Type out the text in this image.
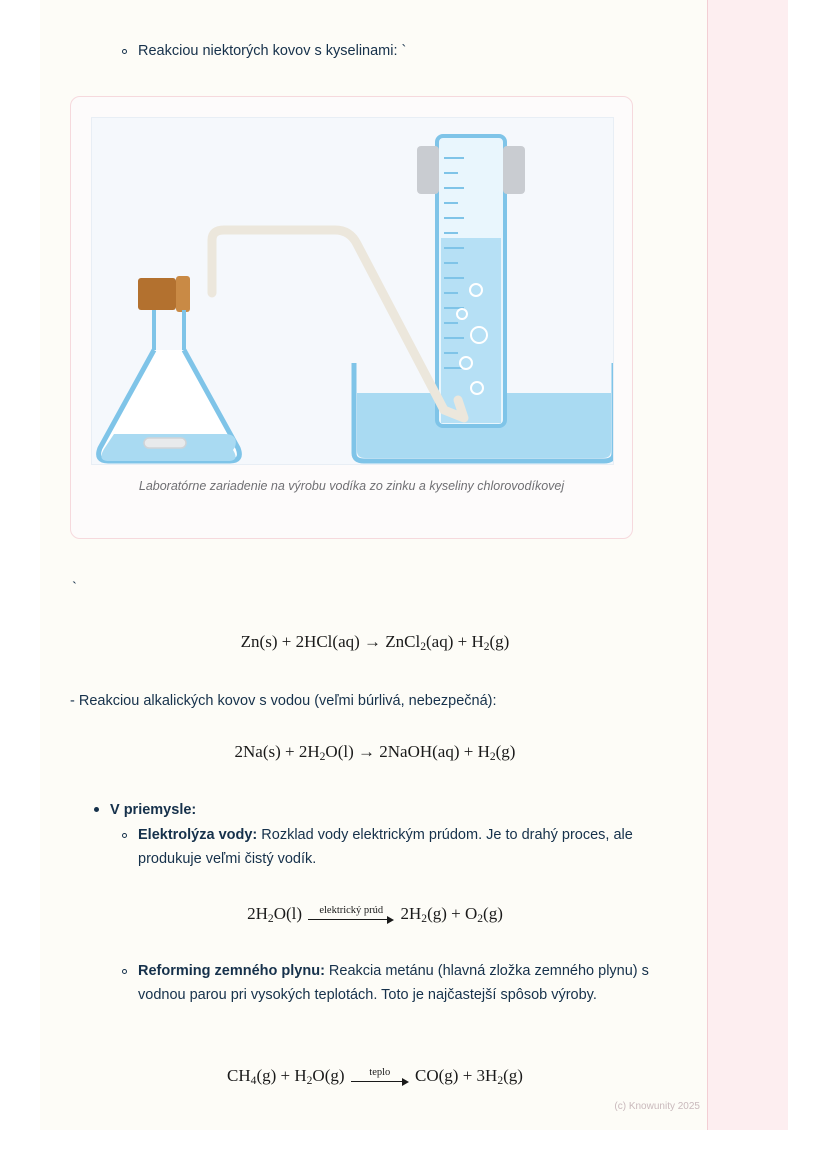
Reakciou niektorých kovov s kyselinami: `
Laboratórne zariadenie na výrobu vodíka zo zinku a kyseliny chlorovodíkovej
`
Zn(s) + 2HCl(aq) → ZnCl$_2$(aq) + $H_2(g)$
- Reakciou alkalických kovov s vodou (veľmi búrlivá, nebezpečná):
$2Na(s) + 2H_2O(l)$ → 2NaOH(aq) + $H_2(g)$
V priemysle:
Elektrolýza vody: Rozklad vody elektrickým prúdom. Je to drahý proces, ale produkuje veľmi čistý vodík.
$2H_2O(l)$	elektrický prúd	$2H_2(g) + O_2(g)$
Reforming zemného plynu: Reakcia metánu (hlavná zložka zemného plynu) s vodnou parou pri vysokých teplotách. Toto je najčastejší spôsob výroby.
$CH_4(g) + H_2O(g)$	teplo	$CO(g) + 3H_2(g)$
(c) Knowunity 2025
